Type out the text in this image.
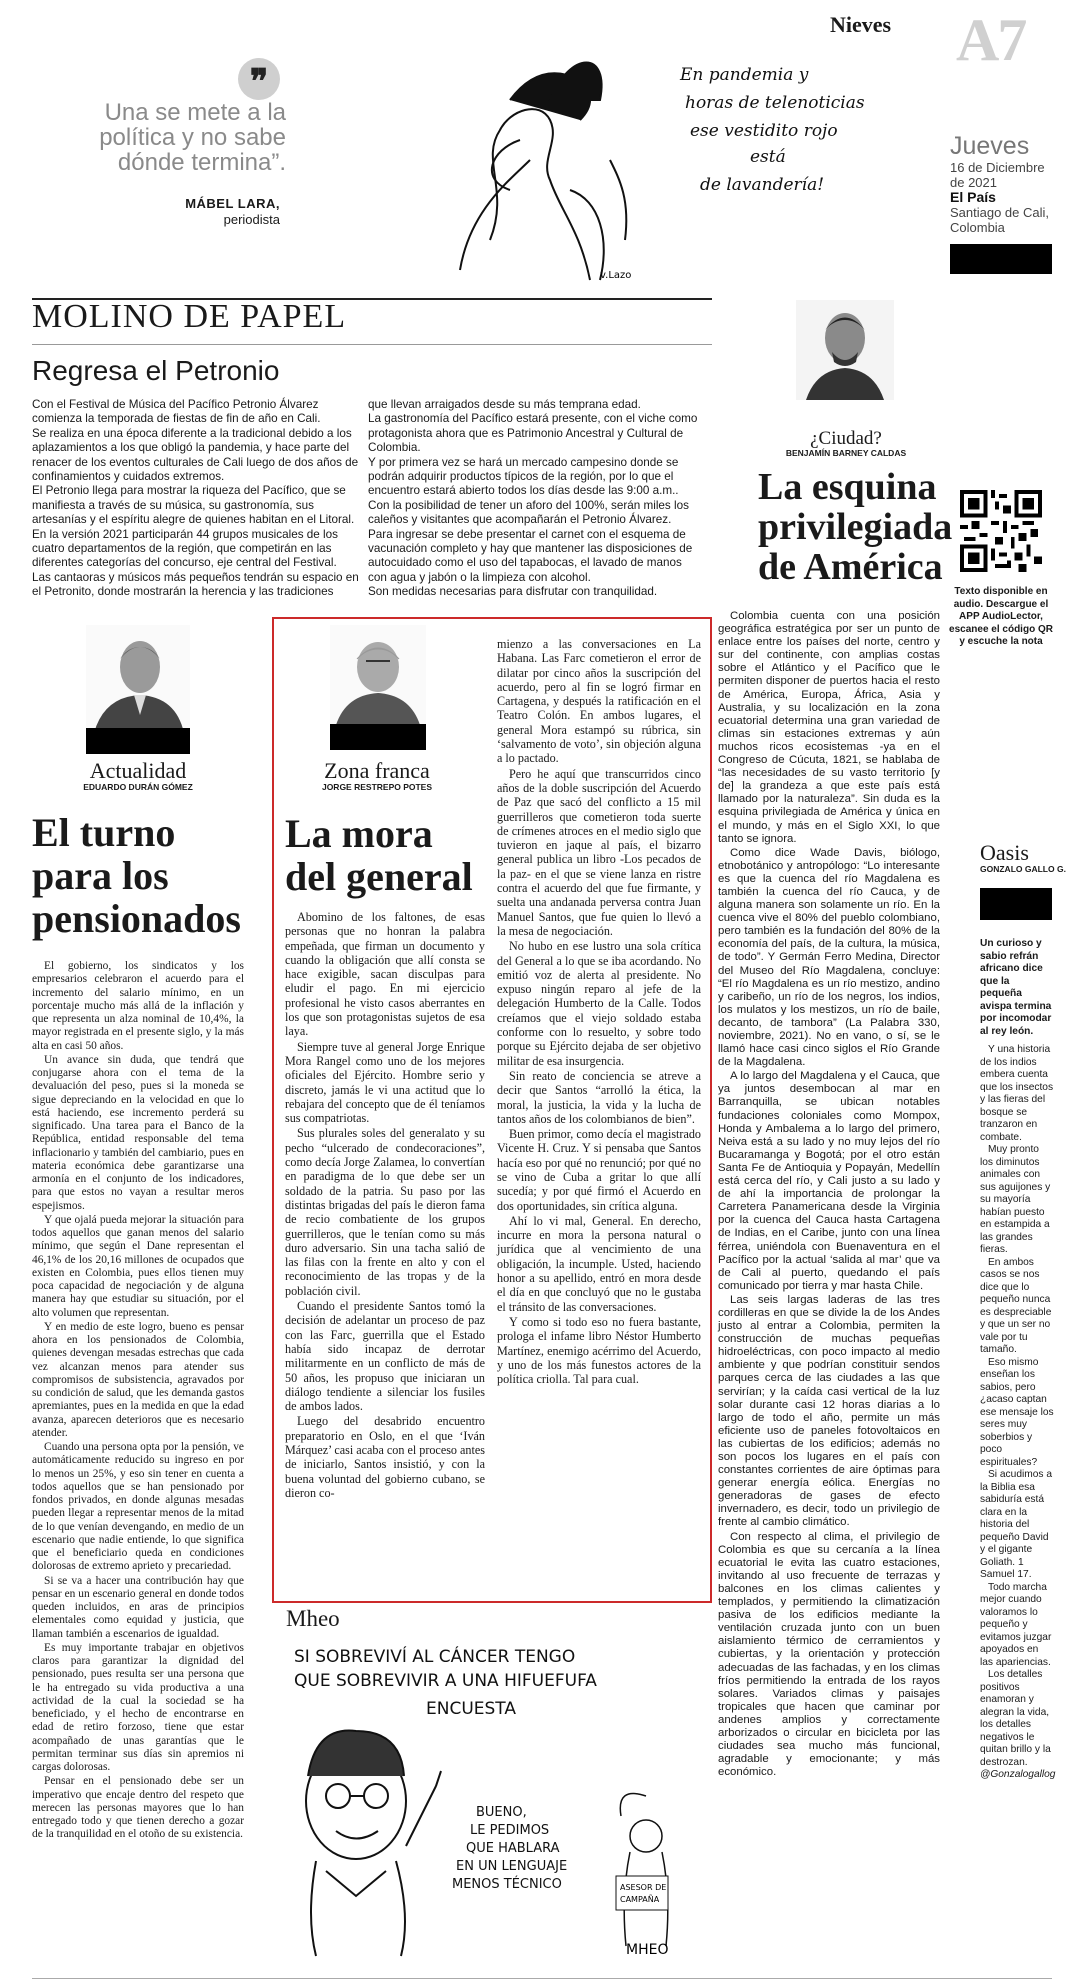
Nieves A7
❞
Una se mete a la política y no sabe dónde termina”.
MÁBEL LARA,
periodista
En pandemia y
horas de telenoticias
ese vestidito rojo
está
de lavandería!
v.Lazo
Jueves
16 de Diciembre
de 2021
El País
Santiago de Cali,
Colombia
MOLINO DE PAPEL
Regresa el Petronio
Con el Festival de Música del Pacífico Petronio Álvarez comienza la temporada de fiestas de fin de año en Cali.
Se realiza en una época diferente a la tradicional debido a los aplazamientos a los que obligó la pandemia, y hace parte del renacer de los eventos culturales de Cali luego de dos años de confinamientos y cuidados extremos.
El Petronio llega para mostrar la riqueza del Pacífico, que se manifiesta a través de su música, su gastronomía, sus artesanías y el espíritu alegre de quienes habitan en el Litoral.
En la versión 2021 participarán 44 grupos musicales de los cuatro departamentos de la región, que competirán en las diferentes categorías del concurso, eje central del Festival.
Las cantaoras y músicos más pequeños tendrán su espacio en el Petronito, donde mostrarán la herencia y las tradiciones
que llevan arraigados desde su más temprana edad.
La gastronomía del Pacífico estará presente, con el viche como protagonista ahora que es Patrimonio Ancestral y Cultural de Colombia.
Y por primera vez se hará un mercado campesino donde se podrán adquirir productos típicos de la región, por lo que el encuentro estará abierto todos los días desde las 9:00 a.m..
Con la posibilidad de tener un aforo del 100%, serán miles los caleños y visitantes que acompañarán el Petronio Álvarez.
Para ingresar se debe presentar el carnet con el esquema de vacunación completo y hay que mantener las disposiciones de autocuidado como el uso del tapabocas, el lavado de manos con agua y jabón o la limpieza con alcohol.
Son medidas necesarias para disfrutar con tranquilidad.
¿Ciudad?
BENJAMÍN BARNEY CALDAS
La esquina
privilegiada
de América
Texto disponible en audio. Descargue el APP AudioLector, escanee el código QR y escuche la nota

Colombia cuenta con una posición geográfica estratégica por ser un punto de enlace entre los países del norte, centro y sur del continente, con amplias costas sobre el Atlántico y el Pacífico que le permiten disponer de puertos hacia el resto de América, Europa, África, Asia y Australia, y su localización en la zona ecuatorial determina una gran variedad de climas sin estaciones extremas y aún muchos ricos ecosistemas -ya en el Congreso de Cúcuta, 1821, se hablaba de “las necesidades de su vasto territorio [y de] la grandeza a que este país está llamado por la naturaleza”. Sin duda es la esquina privilegiada de América y única en el mundo, y más en el Siglo XXI, lo que tanto se ignora.

Como dice Wade Davis, biólogo, etnobotánico y antropólogo: “Lo interesante es que la cuenca del río Magdalena es también la cuenca del río Cauca, y de alguna manera son solamente un río. En la cuenca vive el 80% del pueblo colombiano, pero también es la fundación del 80% de la economía del país, de la cultura, la música, de todo”. Y Germán Ferro Medina, Director del Museo del Río Magdalena, concluye: “El río Magdalena es un río mestizo, andino y caribeño, un río de los negros, los indios, los mulatos y los mestizos, un río de baile, decanto, de tambora” (La Palabra 330, noviembre, 2021). No en vano, o sí, se le llamó hace casi cinco siglos el Río Grande de la Magdalena.

A lo largo del Magdalena y el Cauca, que ya juntos desembocan al mar en Barranquilla, se ubican notables fundaciones coloniales como Mompox, Honda y Ambalema a lo largo del primero, Neiva está a su lado y no muy lejos del río Bucaramanga y Bogotá; por el otro están Santa Fe de Antioquia y Popayán, Medellín está cerca del río, y Cali justo a su lado y de ahí la importancia de prolongar la Carretera Panamericana desde la Virginia por la cuenca del Cauca hasta Cartagena de Indias, en el Caribe, junto con una línea férrea, uniéndola con Buenaventura en el Pacífico por la actual ‘salida al mar’ que va de Cali al puerto, quedando el país comunicado por tierra y mar hasta Chile.

Las seis largas laderas de las tres cordilleras en que se divide la de los Andes justo al entrar a Colombia, permiten la construcción de muchas pequeñas hidroeléctricas, con poco impacto al medio ambiente y que podrían constituir sendos parques cerca de las ciudades a las que servirían; y la caída casi vertical de la luz solar durante casi 12 horas diarias a lo largo de todo el año, permite un más eficiente uso de paneles fotovoltaicos en las cubiertas de los edificios; además no son pocos los lugares en el país con constantes corrientes de aire óptimas para generar energía eólica. Energías no generadoras de gases de efecto invernadero, es decir, todo un privilegio de frente al cambio climático.

Con respecto al clima, el privilegio de Colombia es que su cercanía a la línea ecuatorial le evita las cuatro estaciones, invitando al uso frecuente de terrazas y balcones en los climas calientes y templados, y permitiendo la climatización pasiva de los edificios mediante la ventilación cruzada junto con un buen aislamiento térmico de cerramientos y cubiertas, y la orientación y protección adecuadas de las fachadas, y en los climas fríos permitiendo la entrada de los rayos solares. Variados climas y paisajes tropicales que hacen que caminar por andenes amplios y correctamente arborizados o circular en bicicleta por las ciudades sea mucho más funcional, agradable y emocionante; y más económico.

Oasis
GONZALO GALLO G.

Un curioso y sabio refrán africano dice que la pequeña avispa termina por incomodar al rey león.

Y una historia de los indios embera cuenta que los insectos y las fieras del bosque se tranzaron en combate.

Muy pronto los diminutos animales con sus aguijones y su mayoría habían puesto en estampida a las grandes fieras.

En ambos casos se nos dice que lo pequeño nunca es despreciable y que un ser no vale por tu tamaño.

Eso mismo enseñan los sabios, pero ¿acaso captan ese mensaje los seres muy soberbios y poco espirituales?

Si acudimos a la Biblia esa sabiduría está clara en la historia del pequeño David y el gigante Goliath. 1 Samuel 17.

Todo marcha mejor cuando valoramos lo pequeño y evitamos juzgar apoyados en las apariencias.

Los detalles positivos enamoran y alegran la vida, los detalles negativos le quitan brillo y la destrozan.

@Gonzalogallog

Actualidad
EDUARDO DURÁN GÓMEZ
El turno
para los
pensionados

El gobierno, los sindicatos y los empresarios celebraron el acuerdo para el incremento del salario mínimo, en un porcentaje mucho más allá de la inflación y que representa un alza nominal de 10,4%, la mayor registrada en el presente siglo, y la más alta en casi 50 años.

Un avance sin duda, que tendrá que conjugarse ahora con el tema de la devaluación del peso, pues si la moneda se sigue depreciando en la velocidad en que lo está haciendo, ese incremento perderá su significado. Una tarea para el Banco de la República, entidad responsable del tema inflacionario y también del cambiario, pues en materia económica debe garantizarse una armonía en el conjunto de los indicadores, para que estos no vayan a resultar meros espejismos.

Y que ojalá pueda mejorar la situación para todos aquellos que ganan menos del salario mínimo, que según el Dane representan el 46,1% de los 20,16 millones de ocupados que existen en Colombia, pues ellos tienen muy poca capacidad de negociación y de alguna manera hay que estudiar su situación, por el alto volumen que representan.

Y en medio de este logro, bueno es pensar ahora en los pensionados de Colombia, quienes devengan mesadas estrechas que cada vez alcanzan menos para atender sus compromisos de subsistencia, agravados por su condición de salud, que les demanda gastos apremiantes, pues en la medida en que la edad avanza, aparecen deterioros que es necesario atender.

Cuando una persona opta por la pensión, ve automáticamente reducido su ingreso en por lo menos un 25%, y eso sin tener en cuenta a todos aquellos que se han pensionado por fondos privados, en donde algunas mesadas pueden llegar a representar menos de la mitad de lo que venían devengando, en medio de un escenario que nadie entiende, lo que significa que el beneficiario queda en condiciones dolorosas de extremo aprieto y precariedad.

Si se va a hacer una contribución hay que pensar en un escenario general en donde todos queden incluidos, en aras de principios elementales como equidad y justicia, que llaman también a escenarios de igualdad.

Es muy importante trabajar en objetivos claros para garantizar la dignidad del pensionado, pues resulta ser una persona que le ha entregado su vida productiva a una actividad de la cual la sociedad se ha beneficiado, y el hecho de encontrarse en edad de retiro forzoso, tiene que estar acompañado de unas garantías que le permitan terminar sus días sin apremios ni cargas dolorosas.

Pensar en el pensionado debe ser un imperativo que encaje dentro del respeto que merecen las personas mayores que lo han entregado todo y que tienen derecho a gozar de la tranquilidad en el otoño de su existencia.

Zona franca
JORGE RESTREPO POTES
La mora
del general

Abomino de los faltones, de esas personas que no honran la palabra empeñada, que firman un documento y cuando la obligación que allí consta se hace exigible, sacan disculpas para eludir el pago. En mi ejercicio profesional he visto casos aberrantes en los que son protagonistas sujetos de esa laya.

Siempre tuve al general Jorge Enrique Mora Rangel como uno de los mejores oficiales del Ejército. Hombre serio y discreto, jamás le vi una actitud que lo rebajara del concepto que de él teníamos sus compatriotas.

Sus plurales soles del generalato y su pecho “ulcerado de condecoraciones”, como decía Jorge Zalamea, lo convertían en paradigma de lo que debe ser un soldado de la patria. Su paso por las distintas brigadas del país le dieron fama de recio combatiente de los grupos guerrilleros, que le tenían como su más duro adversario. Sin una tacha salió de las filas con la frente en alto y con el reconocimiento de las tropas y de la población civil.

Cuando el presidente Santos tomó la decisión de adelantar un proceso de paz con las Farc, guerrilla que el Estado había sido incapaz de derrotar militarmente en un conflicto de más de 50 años, les propuso que iniciaran un diálogo tendiente a silenciar los fusiles de ambos lados.

Luego del desabrido encuentro preparatorio en Oslo, en el que ‘Iván Márquez’ casi acaba con el proceso antes de iniciarlo, Santos insistió, y con la buena voluntad del gobierno cubano, se dieron co-

mienzo a las conversaciones en La Habana. Las Farc cometieron el error de dilatar por cinco años la suscripción del acuerdo, pero al fin se logró firmar en Cartagena, y después la ratificación en el Teatro Colón. En ambos lugares, el general Mora estampó su rúbrica, sin ‘salvamento de voto’, sin objeción alguna a lo pactado.

Pero he aquí que transcurridos cinco años de la doble suscripción del Acuerdo de Paz que sacó del conflicto a 15 mil guerrilleros que cometieron toda suerte de crímenes atroces en el medio siglo que tuvieron en jaque al país, el bizarro general publica un libro -Los pecados de la paz- en el que se viene lanza en ristre contra el acuerdo del que fue firmante, y suelta una andanada perversa contra Juan Manuel Santos, que fue quien lo llevó a la mesa de negociación.

No hubo en ese lustro una sola crítica del General a lo que se iba acordando. No emitió voz de alerta al presidente. No expuso ningún reparo al jefe de la delegación Humberto de la Calle. Todos creíamos que el viejo soldado estaba conforme con lo resuelto, y sobre todo porque su Ejército dejaba de ser objetivo militar de esa insurgencia.

Sin reato de conciencia se atreve a decir que Santos “arrolló la ética, la moral, la justicia, la vida y la lucha de tantos años de los colombianos de bien”.

Buen primor, como decía el magistrado Vicente H. Cruz. Y si pensaba que Santos hacía eso por qué no renunció; por qué no se vino de Cuba a gritar lo que allí sucedía; y por qué firmó el Acuerdo en dos oportunidades, sin crítica alguna.

Ahí lo vi mal, General. En derecho, incurre en mora la persona natural o jurídica que al vencimiento de una obligación, la incumple. Usted, haciendo honor a su apellido, entró en mora desde el día en que concluyó que no le gustaba el tránsito de las conversaciones.

Y como si todo eso no fuera bastante, prologa el infame libro Néstor Humberto Martínez, enemigo acérrimo del Acuerdo, y uno de los más funestos actores de la política criolla. Tal para cual.

Mheo
SI SOBREVIVÍ AL CÁNCER TENGO
QUE SOBREVIVIR A UNA HIFUEFUFA
ENCUESTA
BUENO,
LE PEDIMOS
QUE HABLARA
EN UN LENGUAJE
MENOS TÉCNICO	ASESOR DE
CAMPAÑA
MHEO
